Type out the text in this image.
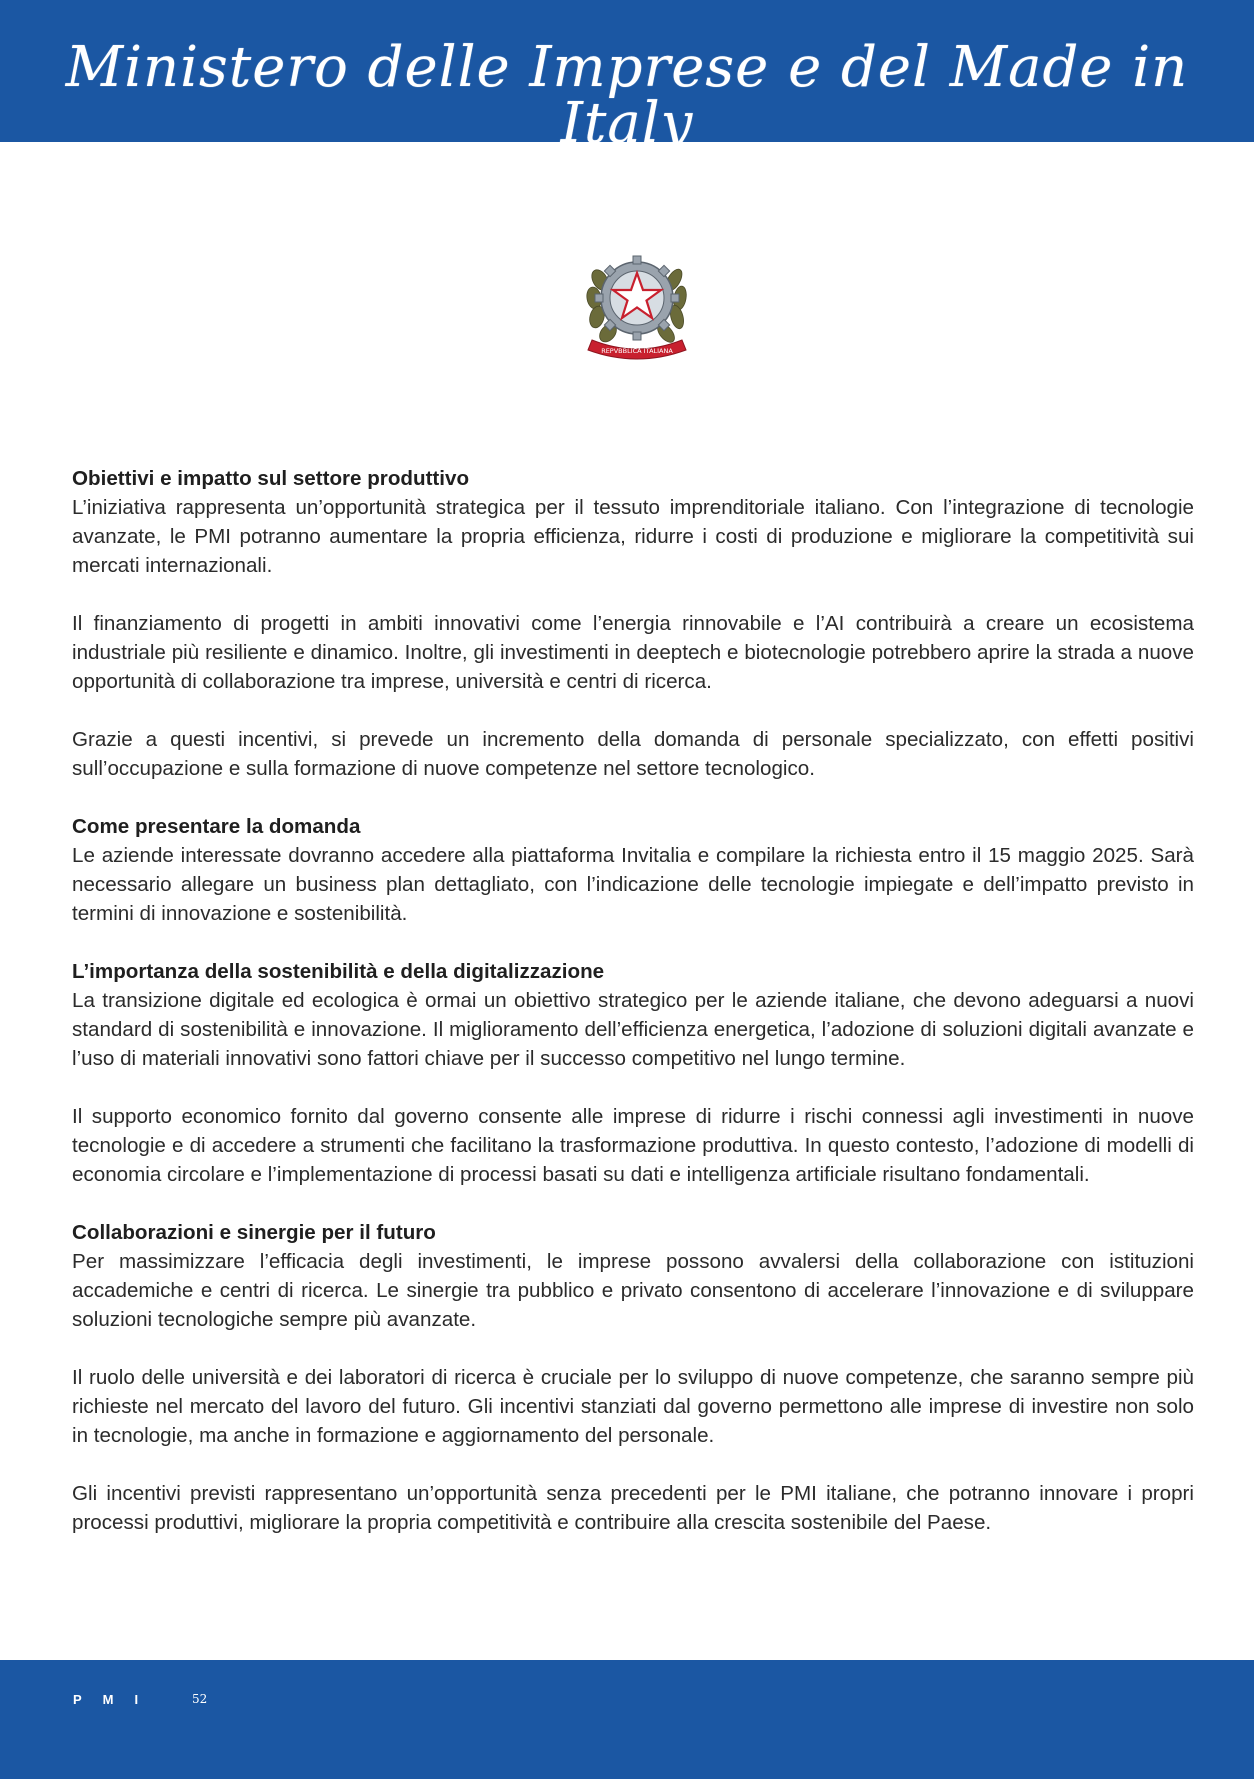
Ministero delle Imprese e del Made in Italy
REPVBBLICA ITALIANA
Obiettivi e impatto sul settore produttivo

L’iniziativa rappresenta un’opportunità strategica per il tessuto imprenditoriale italiano. Con l’integrazione di tecnologie avanzate, le PMI potranno aumentare la propria efficienza, ridurre i costi di produzione e migliorare la competitività sui mercati internazionali.

Il finanziamento di progetti in ambiti innovativi come l’energia rinnovabile e l’AI contribuirà a creare un ecosistema industriale più resiliente e dinamico. Inoltre, gli investimenti in deeptech e biotecnologie potrebbero aprire la strada a nuove opportunità di collaborazione tra imprese, università e centri di ricerca.

Grazie a questi incentivi, si prevede un incremento della domanda di personale specializzato, con effetti positivi sull’occupazione e sulla formazione di nuove competenze nel settore tecnologico.

Come presentare la domanda

Le aziende interessate dovranno accedere alla piattaforma Invitalia e compilare la richiesta entro il 15 maggio 2025. Sarà necessario allegare un business plan dettagliato, con l’indicazione delle tecnologie impiegate e dell’impatto previsto in termini di innovazione e sostenibilità.

L’importanza della sostenibilità e della digitalizzazione

La transizione digitale ed ecologica è ormai un obiettivo strategico per le aziende italiane, che devono adeguarsi a nuovi standard di sostenibilità e innovazione. Il miglioramento dell’efficienza energetica, l’adozione di soluzioni digitali avanzate e l’uso di materiali innovativi sono fattori chiave per il successo competitivo nel lungo termine.

Il supporto economico fornito dal governo consente alle imprese di ridurre i rischi connessi agli investimenti in nuove tecnologie e di accedere a strumenti che facilitano la trasformazione produttiva. In questo contesto, l’adozione di modelli di economia circolare e l’implementazione di processi basati su dati e intelligenza artificiale risultano fondamentali.

Collaborazioni e sinergie per il futuro

Per massimizzare l’efficacia degli investimenti, le imprese possono avvalersi della collaborazione con istituzioni accademiche e centri di ricerca. Le sinergie tra pubblico e privato consentono di accelerare l’innovazione e di sviluppare soluzioni tecnologiche sempre più avanzate.

Il ruolo delle università e dei laboratori di ricerca è cruciale per lo sviluppo di nuove competenze, che saranno sempre più richieste nel mercato del lavoro del futuro. Gli incentivi stanziati dal governo permettono alle imprese di investire non solo in tecnologie, ma anche in formazione e aggiornamento del personale.

Gli incentivi previsti rappresentano un’opportunità senza precedenti per le PMI italiane, che potranno innovare i propri processi produttivi, migliorare la propria competitività e contribuire alla crescita sostenibile del Paese.

PMI	52
